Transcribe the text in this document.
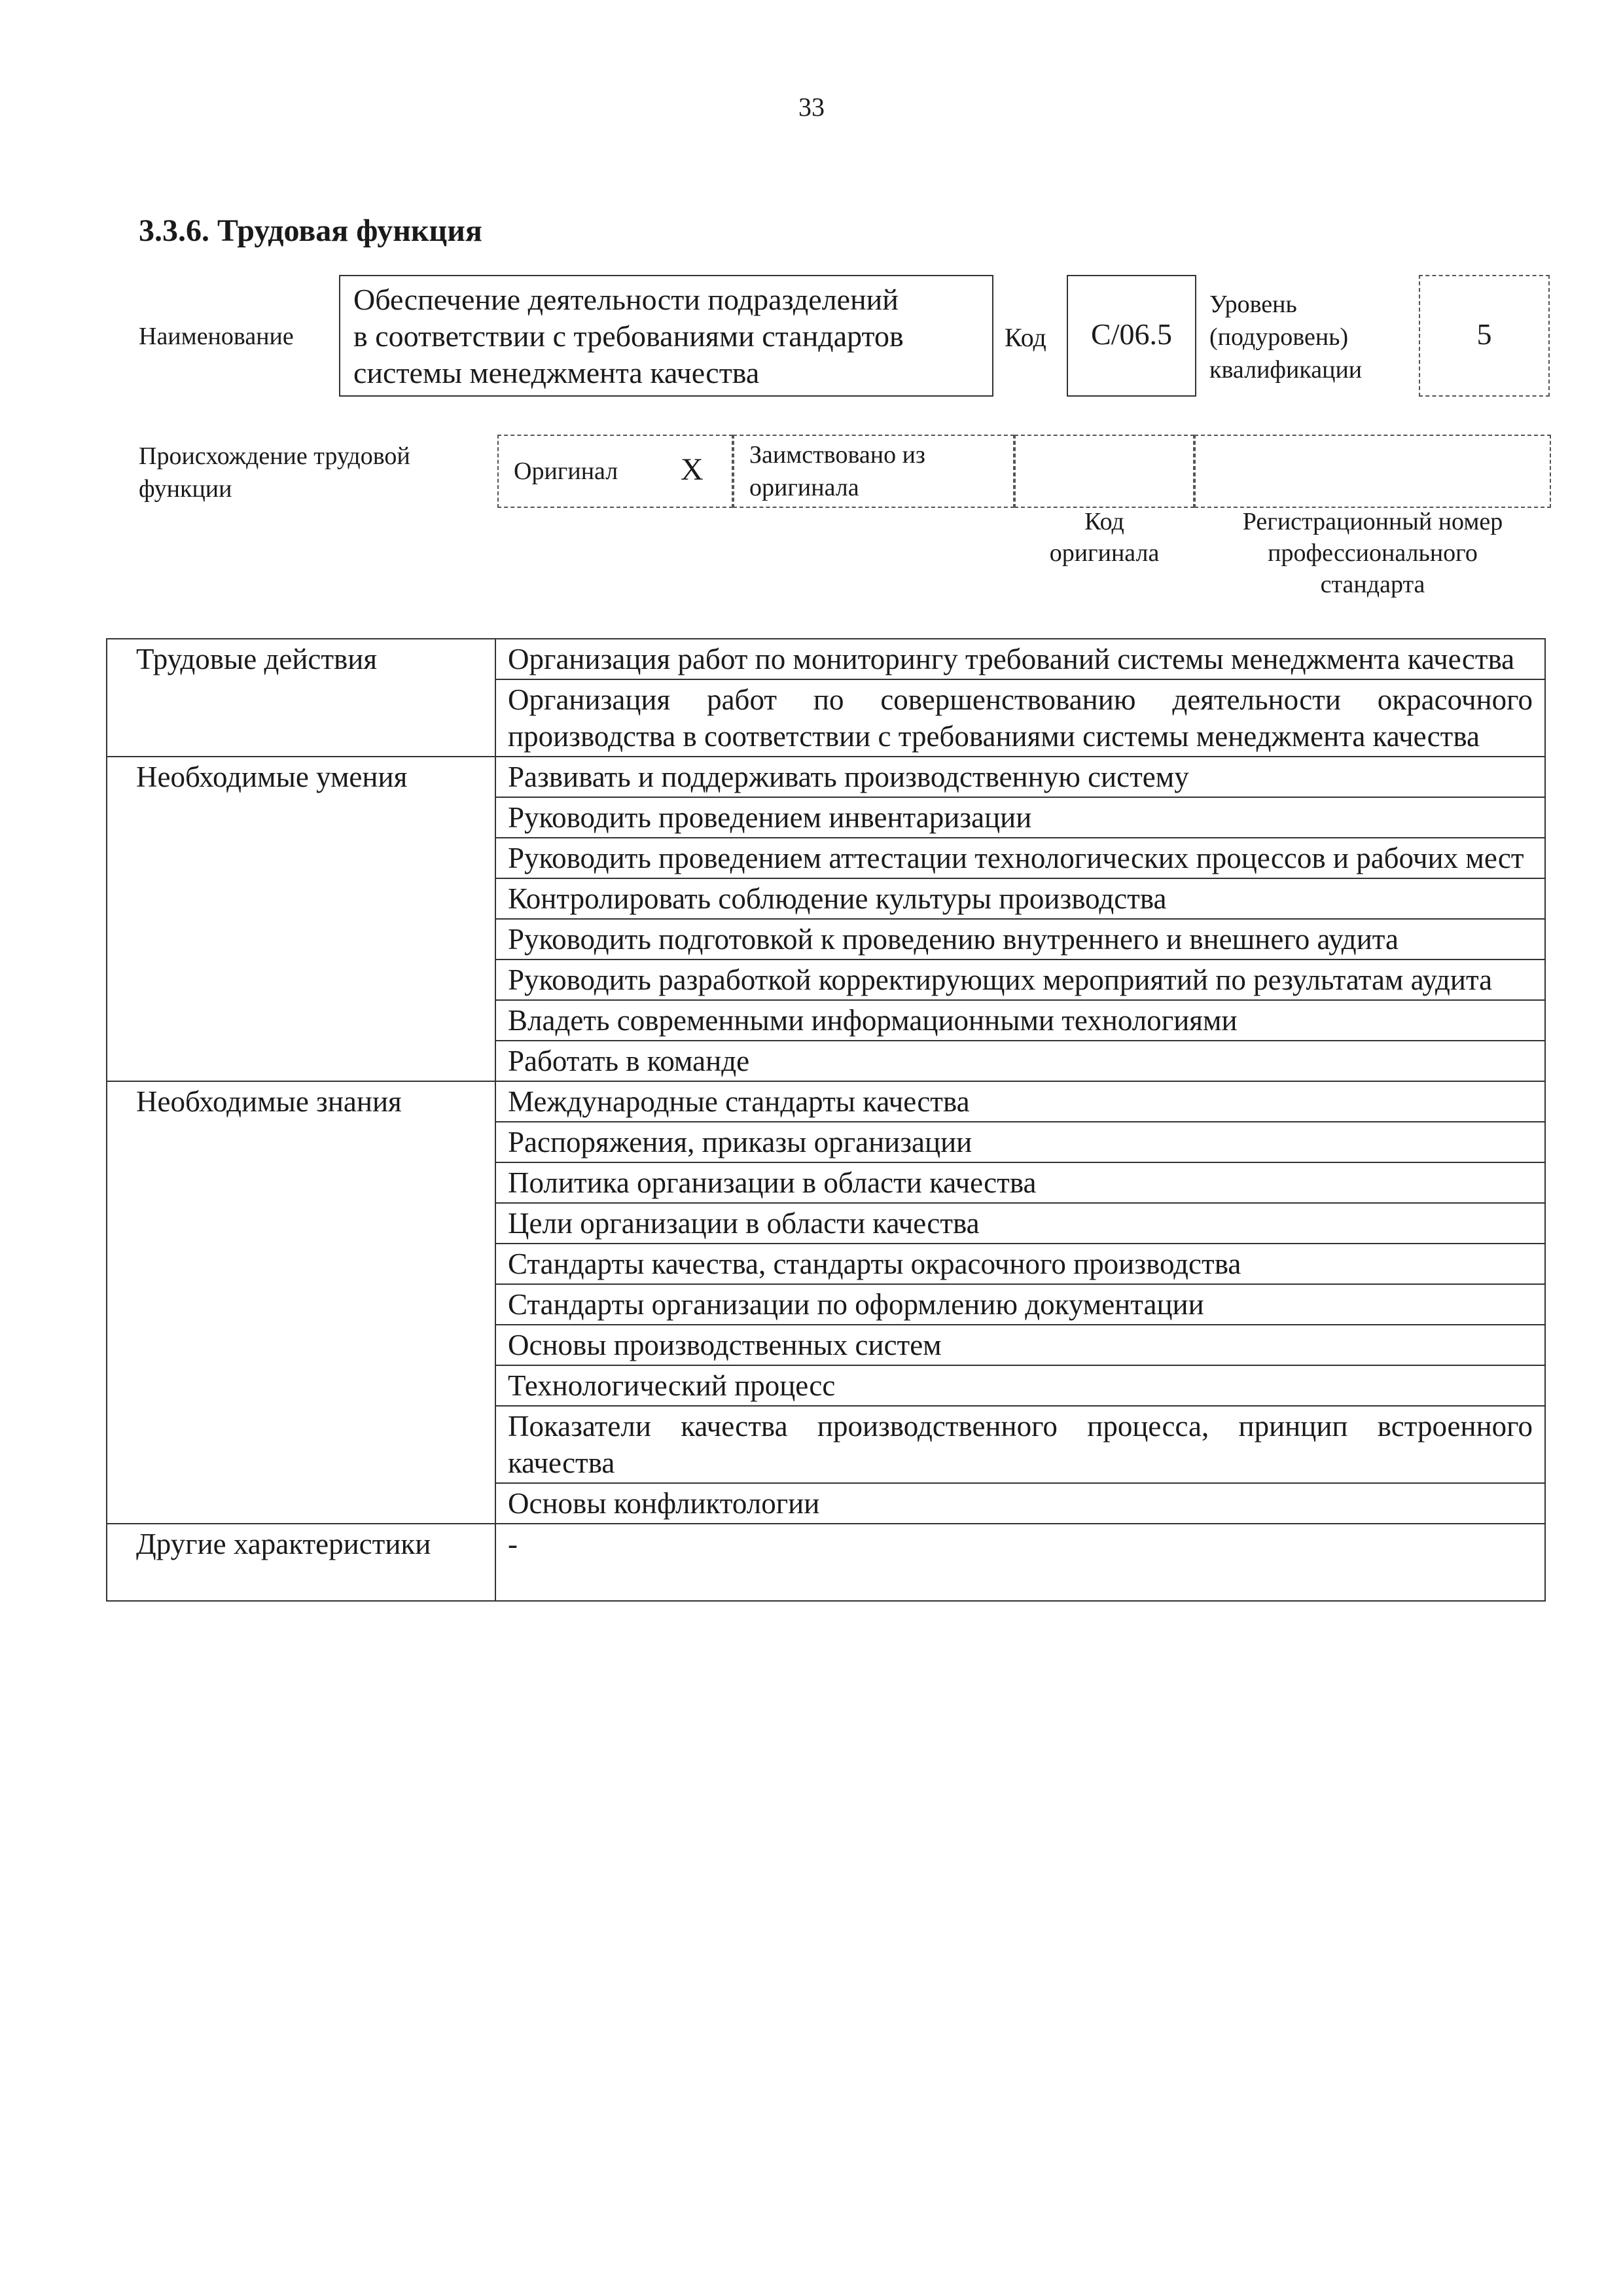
33
3.3.6. Трудовая функция
Наименование
Обеспечение деятельности подразделений
в соответствии с требованиями стандартов
системы менеджмента качества
Код	C/06.5
Уровень
(подуровень)
квалификации
5
Происхождение трудовой
функции
Оригинал X Заимствовано из
оригинала
Код
оригинала
Регистрационный номер
профессионального
стандарта
Трудовые действия	Организация работ по мониторингу требований системы менеджмента качества
	Организация работ по совершенствованию деятельности окрасочного производства в соответствии с требованиями системы менеджмента качества
Необходимые умения	Развивать и поддерживать производственную систему
	Руководить проведением инвентаризации
	Руководить проведением аттестации технологических процессов и рабочих мест
	Контролировать соблюдение культуры производства
	Руководить подготовкой к проведению внутреннего и внешнего аудита
	Руководить разработкой корректирующих мероприятий по результатам аудита
	Владеть современными информационными технологиями
	Работать в команде
Необходимые знания	Международные стандарты качества
	Распоряжения, приказы организации
	Политика организации в области качества
	Цели организации в области качества
	Стандарты качества, стандарты окрасочного производства
	Стандарты организации по оформлению документации
	Основы производственных систем
	Технологический процесс
	Показатели качества производственного процесса, принцип встроенного качества
	Основы конфликтологии
Другие характеристики	-
